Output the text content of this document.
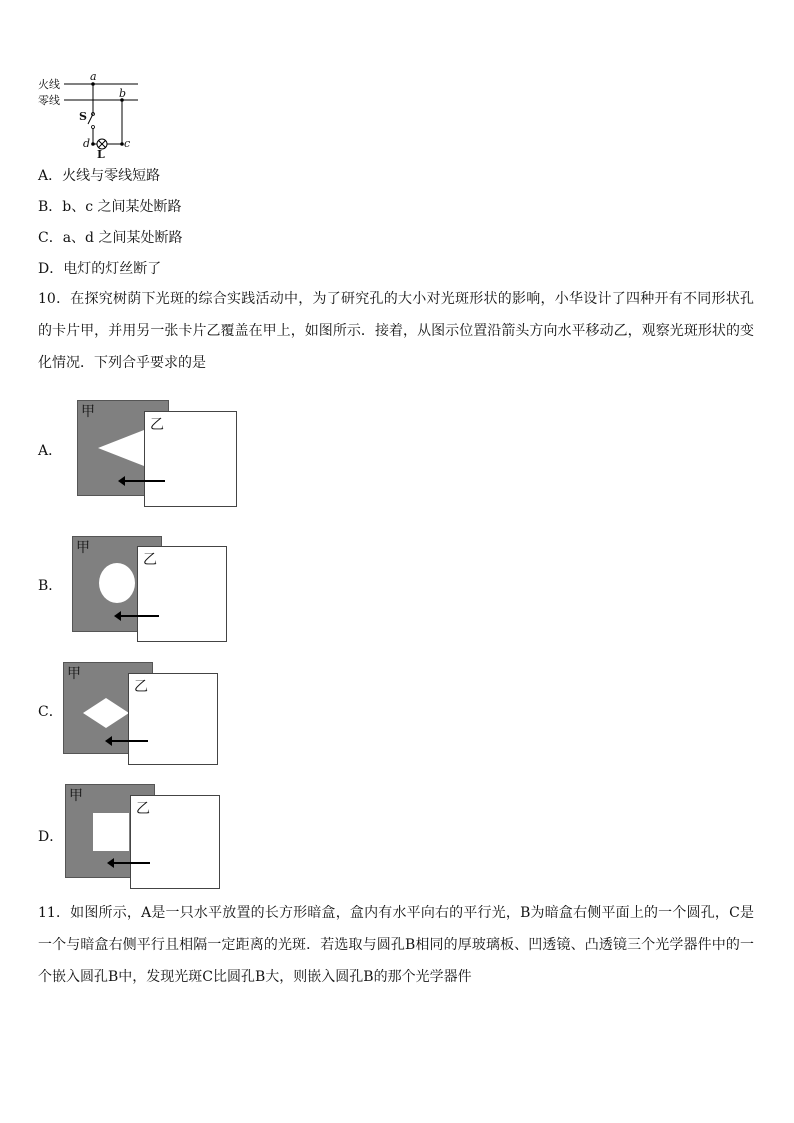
火线
零线
a
b
S
d	c
L
A．火线与零线短路
B．b、c 之间某处断路
C．a、d 之间某处断路
D．电灯的灯丝断了
10．在探究树荫下光斑的综合实践活动中，为了研究孔的大小对光斑形状的影响，小华设计了四种开有不同形状孔的卡片甲，并用另一张卡片乙覆盖在甲上，如图所示．接着，从图示位置沿箭头方向水平移动乙，观察光斑形状的变化情况．下列合乎要求的是
A．
甲
乙
B．
甲
乙
C．
甲
乙
D．
甲
乙
11．如图所示，A是一只水平放置的长方形暗盒，盒内有水平向右的平行光，B为暗盒右侧平面上的一个圆孔，C是一个与暗盒右侧平行且相隔一定距离的光斑．若选取与圆孔B相同的厚玻璃板、凹透镜、凸透镜三个光学器件中的一个嵌入圆孔B中，发现光斑C比圆孔B大，则嵌入圆孔B的那个光学器件
